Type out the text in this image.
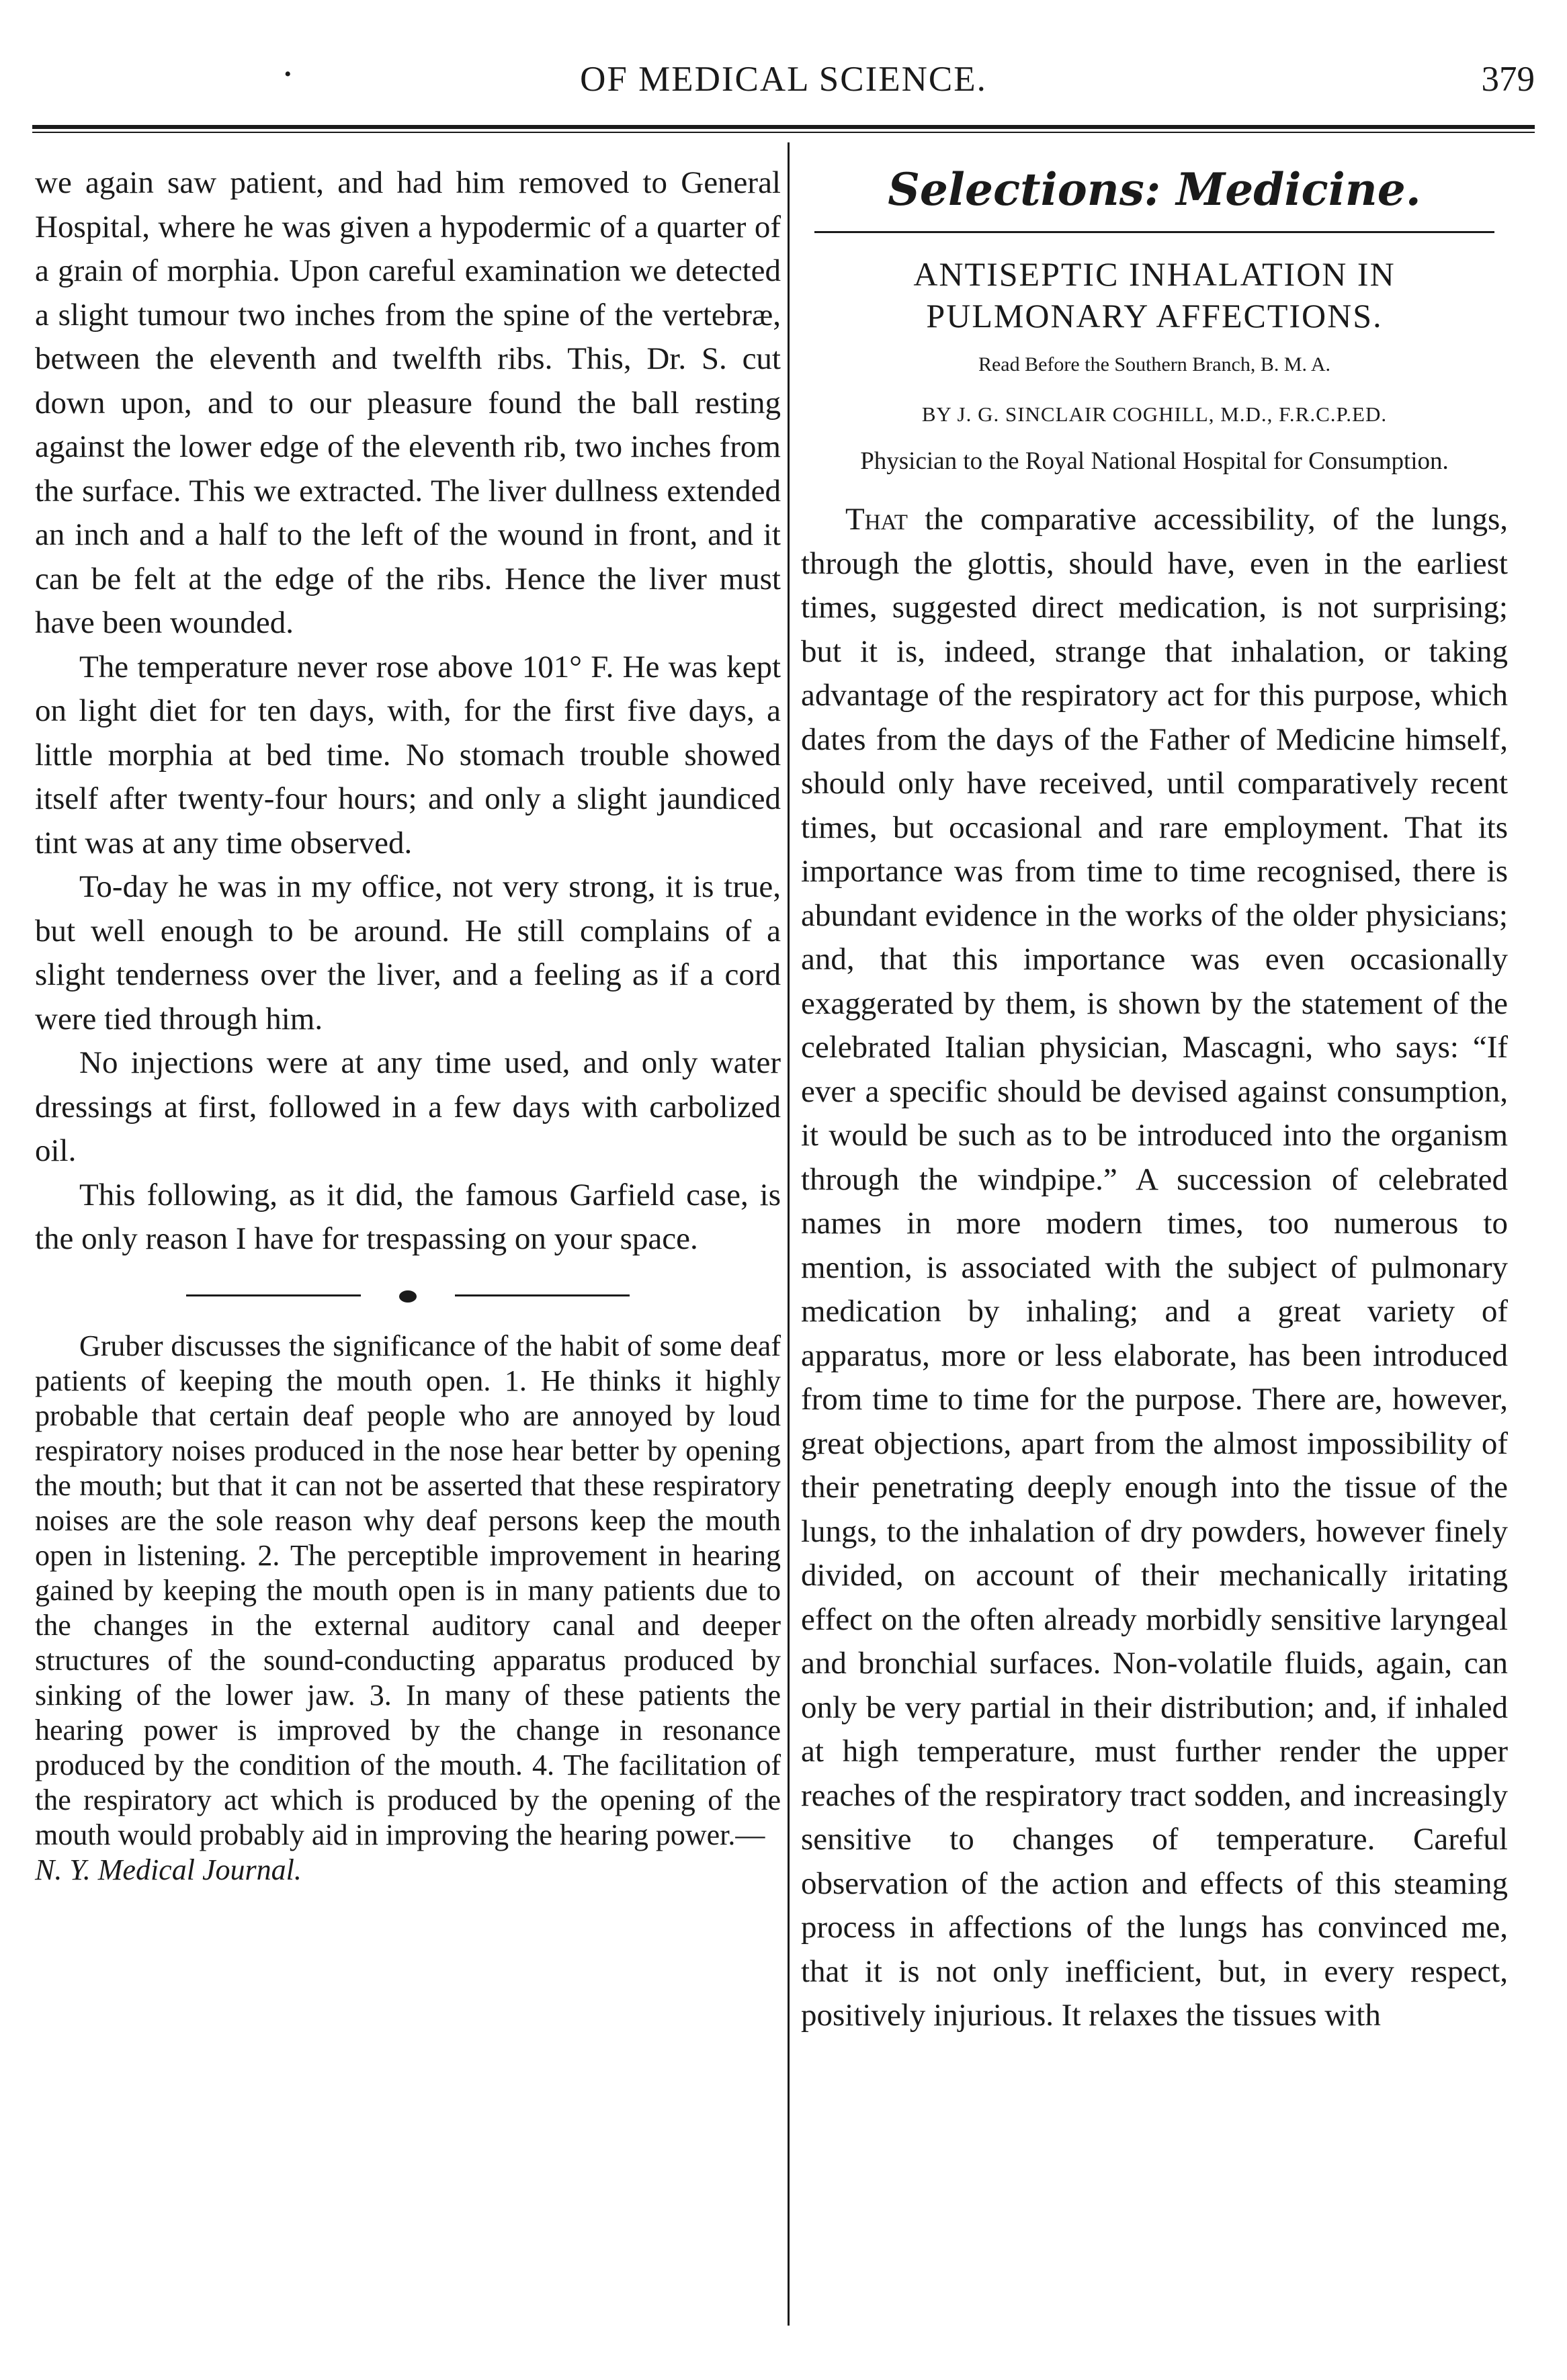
•	OF MEDICAL SCIENCE.	379

we again saw patient, and had him removed to General Hospital, where he was given a hypodermic of a quarter of a grain of morphia. Upon careful examination we detected a slight tumour two inches from the spine of the vertebræ, between the eleventh and twelfth ribs. This, Dr. S. cut down upon, and to our pleasure found the ball resting against the lower edge of the eleventh rib, two inches from the surface. This we extracted. The liver dullness extended an inch and a half to the left of the wound in front, and it can be felt at the edge of the ribs. Hence the liver must have been wounded.

The temperature never rose above 101° F. He was kept on light diet for ten days, with, for the first five days, a little morphia at bed time. No stomach trouble showed itself after twenty-four hours; and only a slight jaundiced tint was at any time observed.

To-day he was in my office, not very strong, it is true, but well enough to be around. He still complains of a slight tenderness over the liver, and a feeling as if a cord were tied through him.

No injections were at any time used, and only water dressings at first, followed in a few days with carbolized oil.

This following, as it did, the famous Garfield case, is the only reason I have for trespassing on your space.

Gruber discusses the significance of the habit of some deaf patients of keeping the mouth open. 1. He thinks it highly probable that certain deaf people who are annoyed by loud respiratory noises produced in the nose hear better by opening the mouth; but that it can not be asserted that these respiratory noises are the sole reason why deaf persons keep the mouth open in listening. 2. The perceptible improvement in hearing gained by keeping the mouth open is in many patients due to the changes in the external auditory canal and deeper structures of the sound-conducting apparatus produced by sinking of the lower jaw. 3. In many of these patients the hearing power is improved by the change in resonance produced by the condition of the mouth. 4. The facilitation of the respiratory act which is produced by the opening of the mouth would probably aid in improving the hearing power.—
N. Y. Medical Journal.

Selections: Medicine.
ANTISEPTIC INHALATION IN PULMONARY AFFECTIONS.
Read Before the Southern Branch, B. M. A.
BY J. G. SINCLAIR COGHILL, M.D., F.R.C.P.ED.
Physician to the Royal National Hospital for Consumption.

That the comparative accessibility, of the lungs, through the glottis, should have, even in the earliest times, suggested direct medication, is not surprising; but it is, indeed, strange that inhalation, or taking advantage of the respiratory act for this purpose, which dates from the days of the Father of Medicine himself, should only have received, until comparatively recent times, but occasional and rare employment. That its importance was from time to time recognised, there is abundant evidence in the works of the older physicians; and, that this importance was even occasionally exaggerated by them, is shown by the statement of the celebrated Italian physician, Mascagni, who says: “If ever a specific should be devised against consumption, it would be such as to be introduced into the organism through the windpipe.” A succession of celebrated names in more modern times, too numerous to mention, is associated with the subject of pulmonary medication by inhaling; and a great variety of apparatus, more or less elaborate, has been introduced from time to time for the purpose. There are, however, great objections, apart from the almost impossibility of their penetrating deeply enough into the tissue of the lungs, to the inhalation of dry powders, however finely divided, on account of their mechanically iritating effect on the often already morbidly sensitive laryngeal and bronchial surfaces. Non-volatile fluids, again, can only be very partial in their distribution; and, if inhaled at high temperature, must further render the upper reaches of the respiratory tract sodden, and increasingly sensitive to changes of temperature. Careful observation of the action and effects of this steaming process in affections of the lungs has convinced me, that it is not only inefficient, but, in every respect, positively injurious. It relaxes the tissues with
